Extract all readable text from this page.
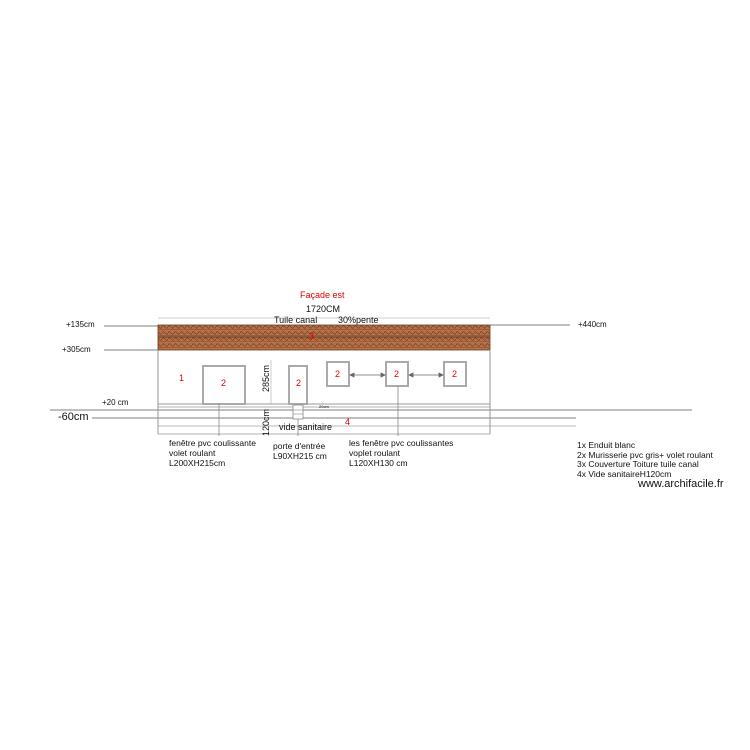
Façade est
1720CM
Tuile canal 30%pente
+135cm	+440cm
+305cm
+20 cm
-60cm
285cm
120cm
20cm
1	2	2
2	2	2
3
4
vide sanitaire
fenêtre pvc coulissante
volet roulant
L200XH215cm
porte d'entrée
L90XH215 cm
les fenêtre pvc coulissantes
voplet roulant
L120XH130 cm
1x Enduit blanc
2x Murisserie pvc gris+ volet roulant
3x Couverture Toiture tuile canal
4x Vide sanitaireH120cm
www.archifacile.fr
